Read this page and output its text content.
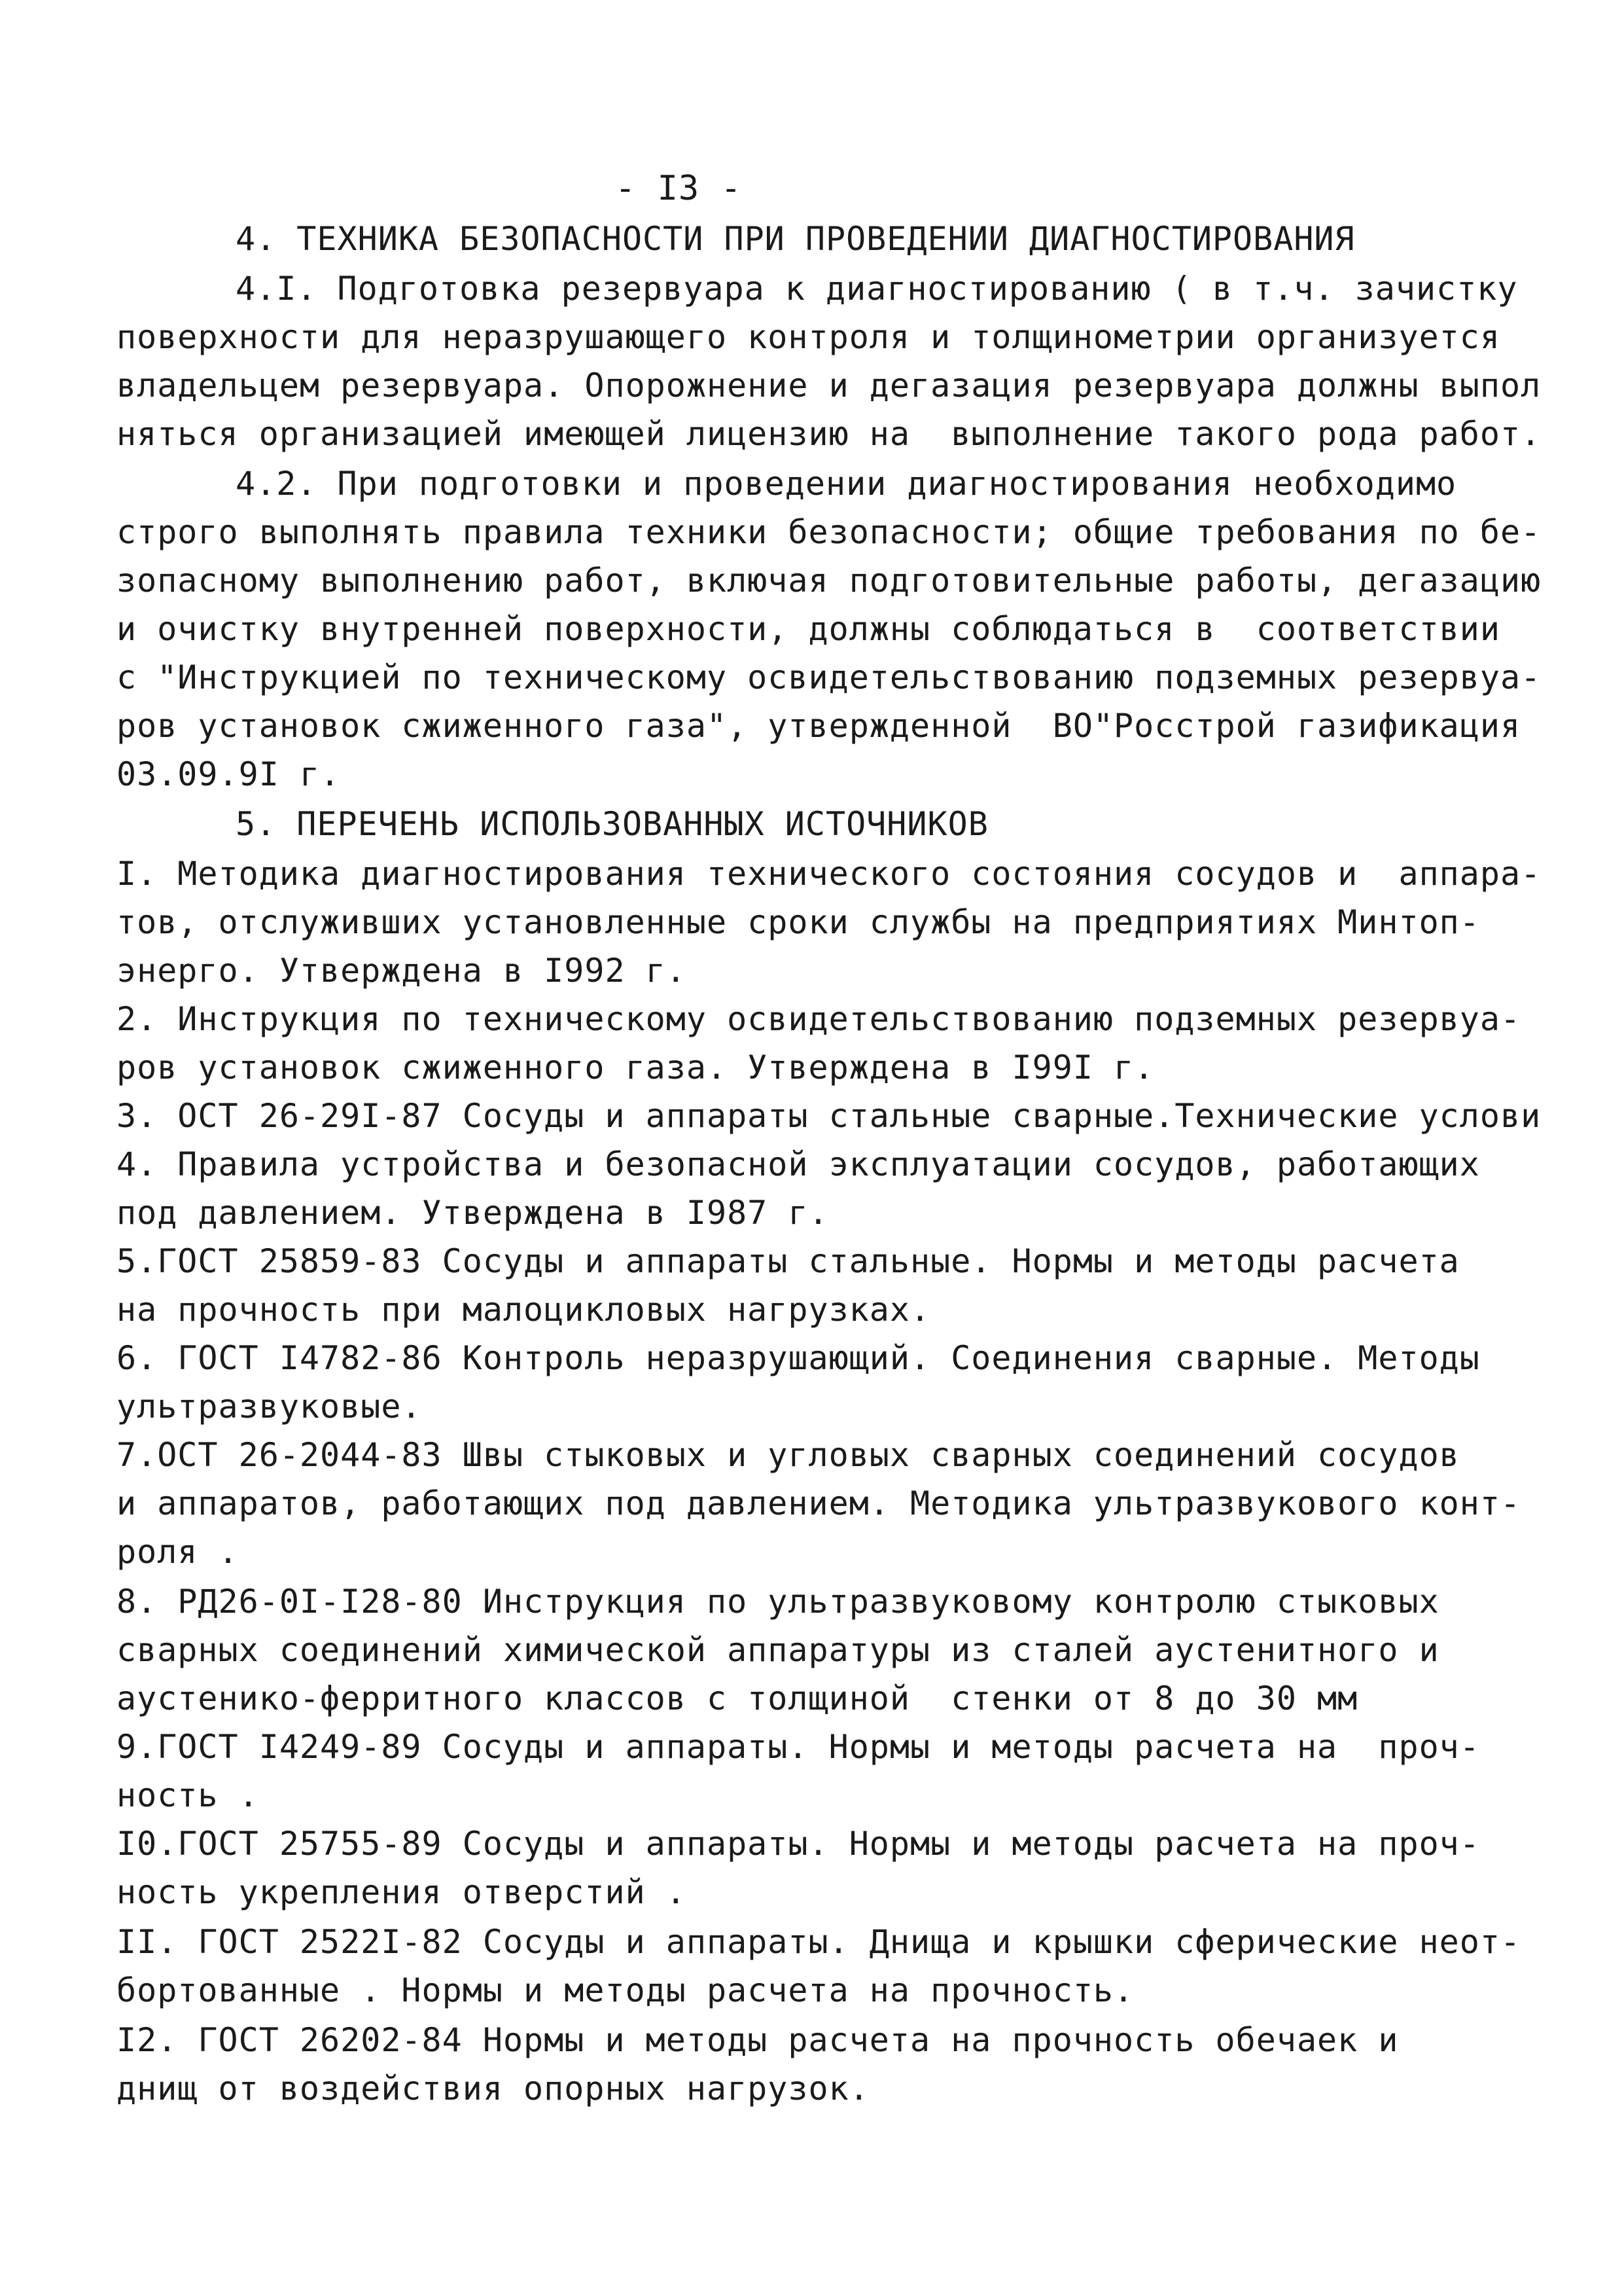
- I3 -
4. ТЕХНИКА БЕЗОПАСНОСТИ ПРИ ПРОВЕДЕНИИ ДИАГНОСТИРОВАНИЯ
4.I. Подготовка резервуара к диагностированию ( в т.ч. зачистку
поверхности для неразрушающего контроля и толщинометрии организуется
владельцем резервуара. Опорожнение и дегазация резервуара должны выпол
няться организацией имеющей лицензию на  выполнение такого рода работ.
4.2. При подготовки и проведении диагностирования необходимо
строго выполнять правила техники безопасности; общие требования по бе-
зопасному выполнению работ, включая подготовительные работы, дегазацию
и очистку внутренней поверхности, должны соблюдаться в  соответствии
с "Инструкцией по техническому освидетельствованию подземных резервуа-
ров установок сжиженного газа", утвержденной  ВО"Росстрой газификация
03.09.9I г.
5. ПЕРЕЧЕНЬ ИСПОЛЬЗОВАННЫХ ИСТОЧНИКОВ
I. Методика диагностирования технического состояния сосудов и  аппара-
тов, отслуживших установленные сроки службы на предприятиях Минтоп-
энерго. Утверждена в I992 г.
2. Инструкция по техническому освидетельствованию подземных резервуа-
ров установок сжиженного газа. Утверждена в I99I г.
3. ОСТ 26-29I-87 Сосуды и аппараты стальные сварные.Технические услови
4. Правила устройства и безопасной эксплуатации сосудов, работающих
под давлением. Утверждена в I987 г.
5.ГОСТ 25859-83 Сосуды и аппараты стальные. Нормы и методы расчета
на прочность при малоцикловых нагрузках.
6. ГОСТ I4782-86 Контроль неразрушающий. Соединения сварные. Методы
ультразвуковые.
7.ОСТ 26-2044-83 Швы стыковых и угловых сварных соединений сосудов
и аппаратов, работающих под давлением. Методика ультразвукового конт-
роля .
8. РД26-0I-I28-80 Инструкция по ультразвуковому контролю стыковых
сварных соединений химической аппаратуры из сталей аустенитного и
аустенико-ферритного классов с толщиной  стенки от 8 до 30 мм
9.ГОСТ I4249-89 Сосуды и аппараты. Нормы и методы расчета на  проч-
ность .
I0.ГОСТ 25755-89 Сосуды и аппараты. Нормы и методы расчета на проч-
ность укрепления отверстий .
II. ГОСТ 2522I-82 Сосуды и аппараты. Днища и крышки сферические неот-
бортованные . Нормы и методы расчета на прочность.
I2. ГОСТ 26202-84 Нормы и методы расчета на прочность обечаек и
днищ от воздействия опорных нагрузок.
